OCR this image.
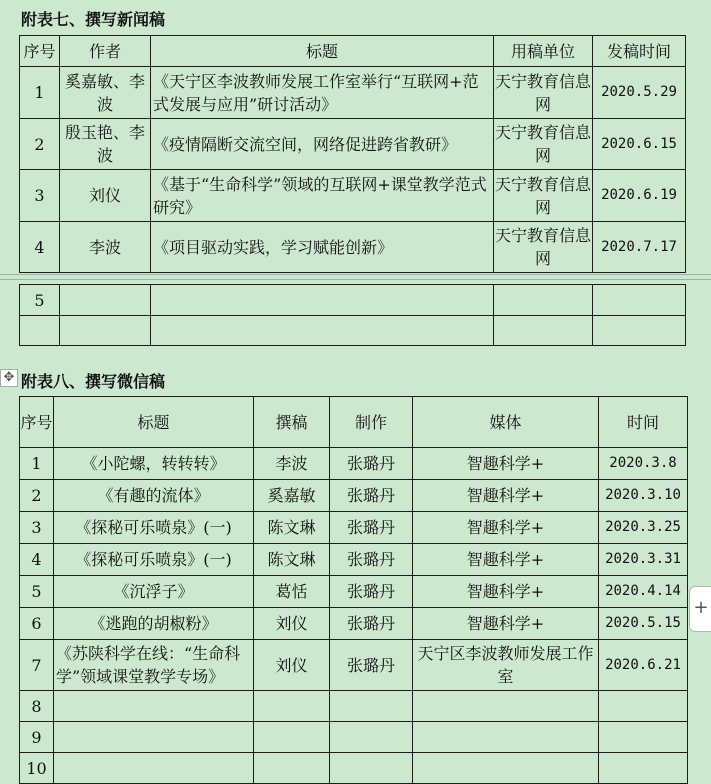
附表七、撰写新闻稿
序号	作者	标题	用稿单位	发稿时间
1	奚嘉敏、李波	《天宁区李波教师发展工作室举行“互联网+范式发展与应用”研讨活动》	天宁教育信息网	2020.5.29
2	殷玉艳、李波	《疫情隔断交流空间，网络促进跨省教研》	天宁教育信息网	2020.6.15
3	刘仪	《基于“生命科学”领域的互联网+课堂教学范式研究》	天宁教育信息网	2020.6.19
4	李波	《项目驱动实践，学习赋能创新》	天宁教育信息网	2020.7.17
5				

✥ 附表八、撰写微信稿
序号	标题	撰稿	制作	媒体	时间
1	《小陀螺，转转转》	李波	张璐丹	智趣科学+	2020.3.8
2	《有趣的流体》	奚嘉敏	张璐丹	智趣科学+	2020.3.10
3	《探秘可乐喷泉》(一)	陈文琳	张璐丹	智趣科学+	2020.3.25
4	《探秘可乐喷泉》(一)	陈文琳	张璐丹	智趣科学+	2020.3.31
5	《沉浮子》	葛恬	张璐丹	智趣科学+	2020.4.14
6	《逃跑的胡椒粉》	刘仪	张璐丹	智趣科学+	2020.5.15
7	《苏陕科学在线：“生命科学”领域课堂教学专场》	刘仪	张璐丹	天宁区李波教师发展工作室	2020.6.21
8					
9					
10					
+
